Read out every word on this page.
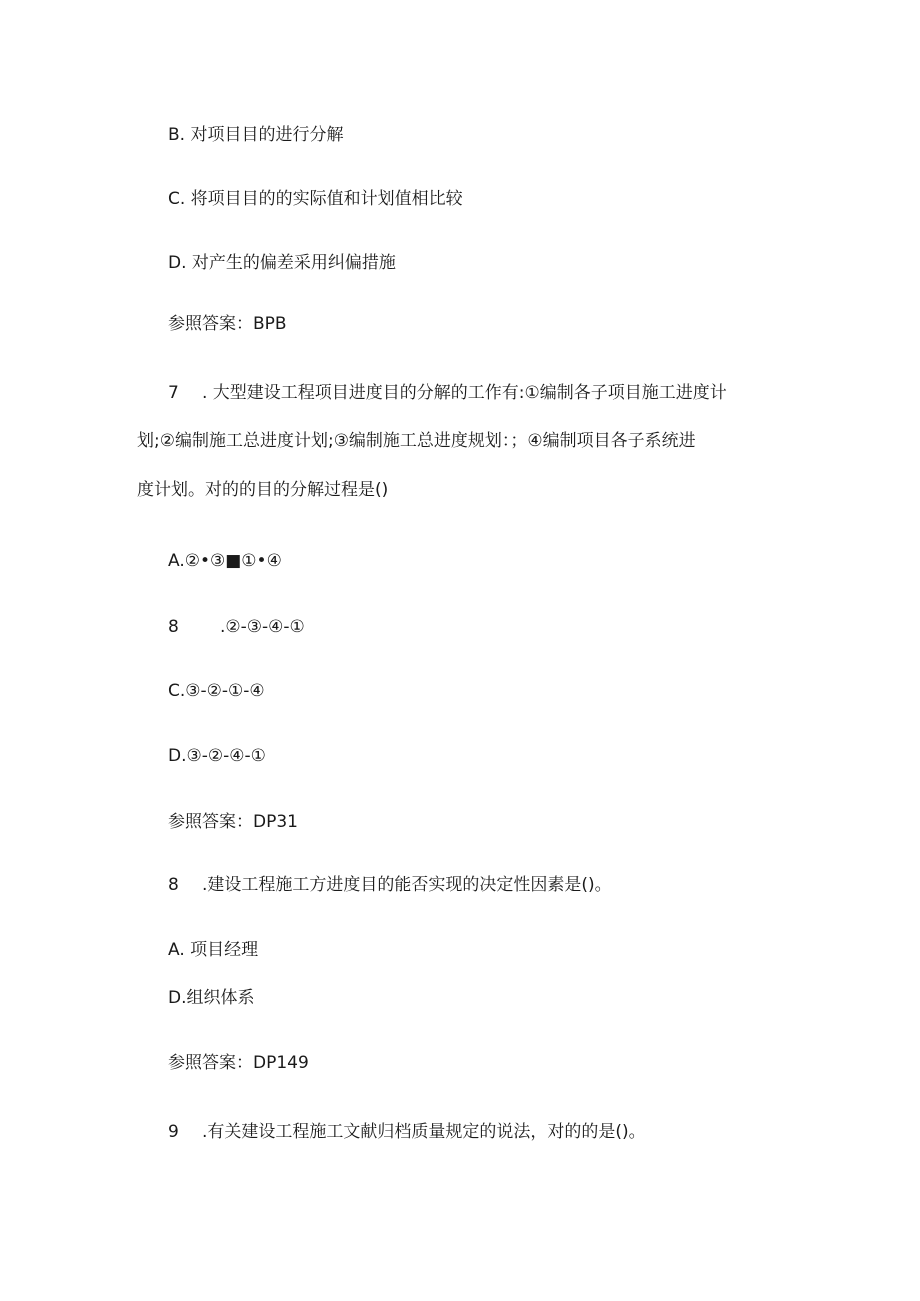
B. 对项目目的进行分解
C. 将项目目的的实际值和计划值相比较
D. 对产生的偏差采用纠偏措施
参照答案：BPB
7 . 大型建设工程项目进度目的分解的工作有:①编制各子项目施工进度计
划;②编制施工总进度计划;③编制施工总进度规划：；④编制项目各子系统进
度计划。对的的目的分解过程是()
A.②•③■①•④
8 .②-③-④-①
C.③-②-①-④
D.③-②-④-①
参照答案：DP31
8 .建设工程施工方进度目的能否实现的决定性因素是()。
A. 项目经理
D.组织体系
参照答案：DP149
9 .有关建设工程施工文献归档质量规定的说法，对的的是()。
